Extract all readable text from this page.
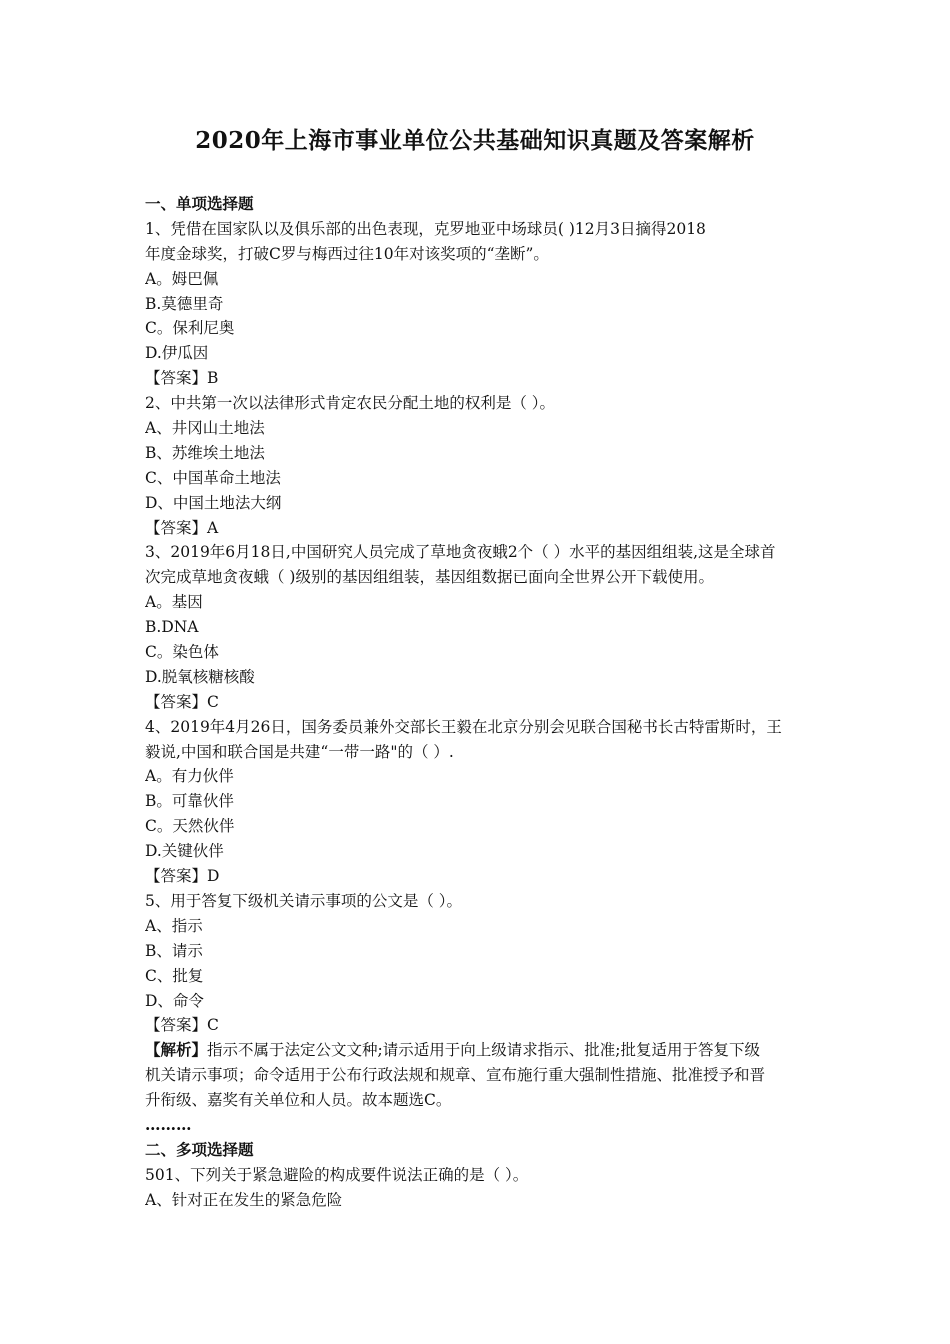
2020年上海市事业单位公共基础知识真题及答案解析
一、单项选择题
1、凭借在国家队以及俱乐部的出色表现，克罗地亚中场球员( )12月3日摘得2018
年度金球奖，打破C罗与梅西过往10年对该奖项的“垄断”。
A。姆巴佩
B.莫德里奇
C。保利尼奥
D.伊瓜因
【答案】B
2、中共第一次以法律形式肯定农民分配土地的权利是（ ）。
A、井冈山土地法
B、苏维埃土地法
C、中国革命土地法
D、中国土地法大纲
【答案】A
3、2019年6月18日,中国研究人员完成了草地贪夜蛾2个（ ）水平的基因组组装,这是全球首
次完成草地贪夜蛾（ )级别的基因组组装，基因组数据已面向全世界公开下载使用。
A。基因
B.DNA
C。染色体
D.脱氧核糖核酸
【答案】C
4、2019年4月26日，国务委员兼外交部长王毅在北京分别会见联合国秘书长古特雷斯时，王
毅说,中国和联合国是共建“一带一路"的（ ）.
A。有力伙伴
B。可靠伙伴
C。天然伙伴
D.关键伙伴
【答案】D
5、用于答复下级机关请示事项的公文是（ ）。
A、指示
B、请示
C、批复
D、命令
【答案】C
【解析】指示不属于法定公文文种;请示适用于向上级请求指示、批准;批复适用于答复下级
机关请示事项；命令适用于公布行政法规和规章、宣布施行重大强制性措施、批准授予和晋
升衔级、嘉奖有关单位和人员。故本题选C。
………
二、多项选择题
501、下列关于紧急避险的构成要件说法正确的是（ ）。
A、针对正在发生的紧急危险
